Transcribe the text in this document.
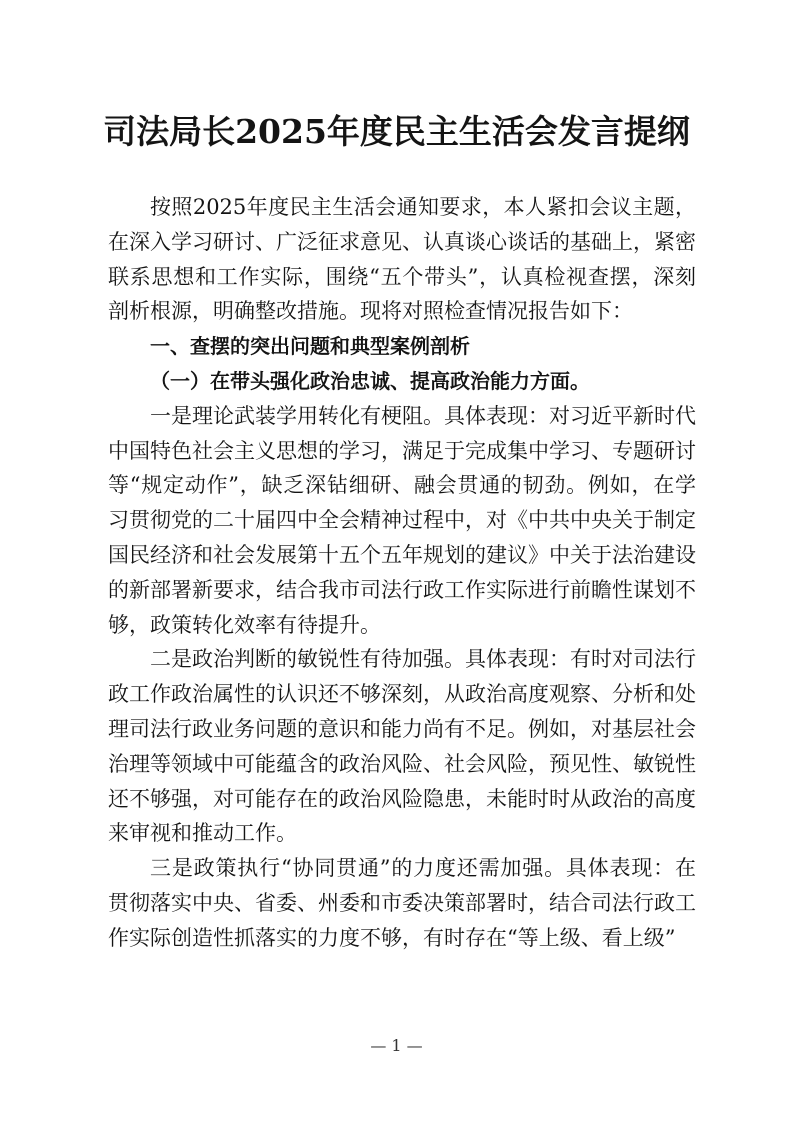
司法局长2025年度民主生活会发言提纲

按照2025年度民主生活会通知要求，本人紧扣会议主题，在深入学习研讨、广泛征求意见、认真谈心谈话的基础上，紧密联系思想和工作实际，围绕“五个带头”，认真检视查摆，深刻剖析根源，明确整改措施。现将对照检查情况报告如下：

一、查摆的突出问题和典型案例剖析

（一）在带头强化政治忠诚、提高政治能力方面。

一是理论武装学用转化有梗阻。具体表现：对习近平新时代中国特色社会主义思想的学习，满足于完成集中学习、专题研讨等“规定动作”，缺乏深钻细研、融会贯通的韧劲。例如，在学习贯彻党的二十届四中全会精神过程中，对《中共中央关于制定国民经济和社会发展第十五个五年规划的建议》中关于法治建设的新部署新要求，结合我市司法行政工作实际进行前瞻性谋划不够，政策转化效率有待提升。

二是政治判断的敏锐性有待加强。具体表现：有时对司法行政工作政治属性的认识还不够深刻，从政治高度观察、分析和处理司法行政业务问题的意识和能力尚有不足。例如，对基层社会治理等领域中可能蕴含的政治风险、社会风险，预见性、敏锐性还不够强，对可能存在的政治风险隐患，未能时时从政治的高度来审视和推动工作。

三是政策执行“协同贯通”的力度还需加强。具体表现：在贯彻落实中央、省委、州委和市委决策部署时，结合司法行政工作实际创造性抓落实的力度不够，有时存在“等上级、看上级”

— 1 —
